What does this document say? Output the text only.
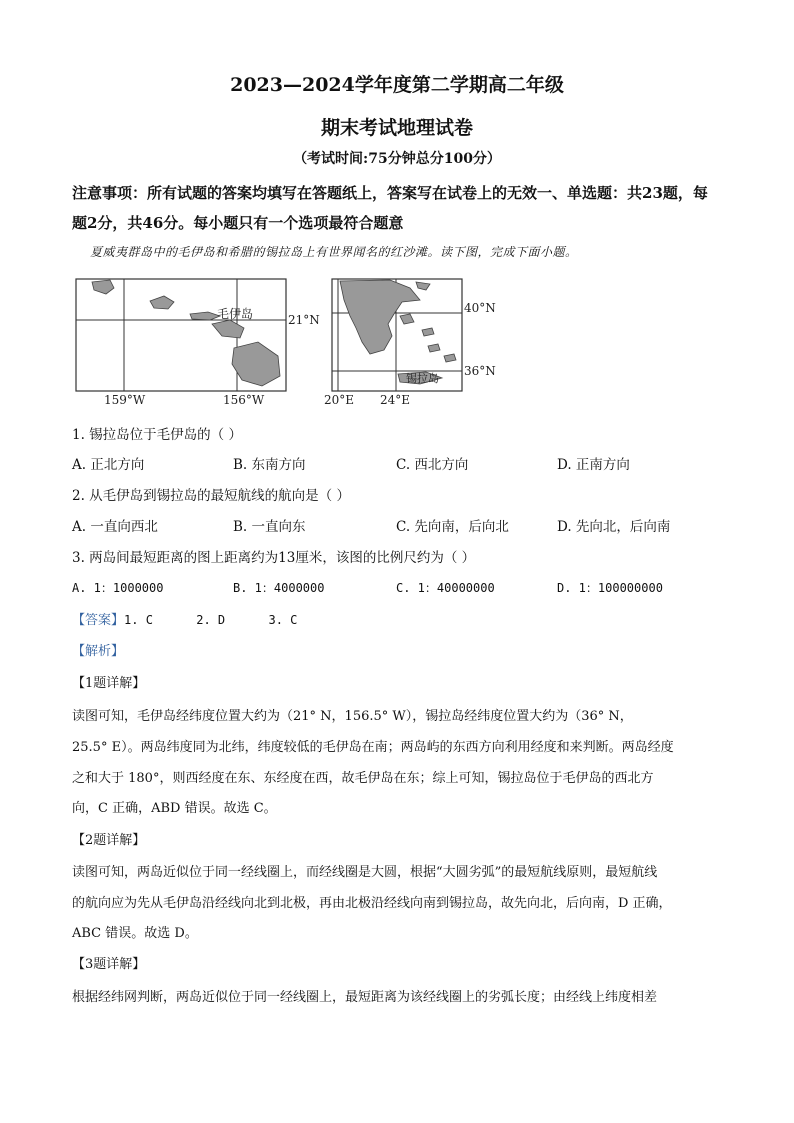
2023—2024学年度第二学期高二年级
期末考试地理试卷
（考试时间:75分钟总分100分）
注意事项：所有试题的答案均填写在答题纸上，答案写在试卷上的无效一、单选题：共23题，每题2分，共46分。每小题只有一个选项最符合题意
夏威夷群岛中的毛伊岛和希腊的锡拉岛上有世界闻名的红沙滩。读下图，完成下面小题。
毛伊岛	21°N
159°W	156°W
40°N
36°N
20°E 24°E
锡拉岛
1. 锡拉岛位于毛伊岛的（ ）
A. 正北方向	B. 东南方向	C. 西北方向	D. 正南方向
2. 从毛伊岛到锡拉岛的最短航线的航向是（ ）
A. 一直向西北	B. 一直向东	C. 先向南，后向北	D. 先向北，后向南
3. 两岛间最短距离的图上距离约为13厘米，该图的比例尺约为（ ）
A. 1：1000000	B. 1：4000000	C. 1：40000000	D. 1：100000000
【答案】1. C      2. D      3. C
【解析】
【1题详解】
读图可知，毛伊岛经纬度位置大约为（21° N，156.5° W），锡拉岛经纬度位置大约为（36° N，
25.5° E）。两岛纬度同为北纬，纬度较低的毛伊岛在南；两岛屿的东西方向利用经度和来判断。两岛经度
之和大于 180°，则西经度在东、东经度在西，故毛伊岛在东；综上可知，锡拉岛位于毛伊岛的西北方
向，C 正确，ABD 错误。故选 C。
【2题详解】
读图可知，两岛近似位于同一经线圈上，而经线圈是大圆，根据“大圆劣弧”的最短航线原则，最短航线
的航向应为先从毛伊岛沿经线向北到北极，再由北极沿经线向南到锡拉岛，故先向北，后向南，D 正确，
ABC 错误。故选 D。
【3题详解】
根据经纬网判断，两岛近似位于同一经线圈上，最短距离为该经线圈上的劣弧长度；由经线上纬度相差
